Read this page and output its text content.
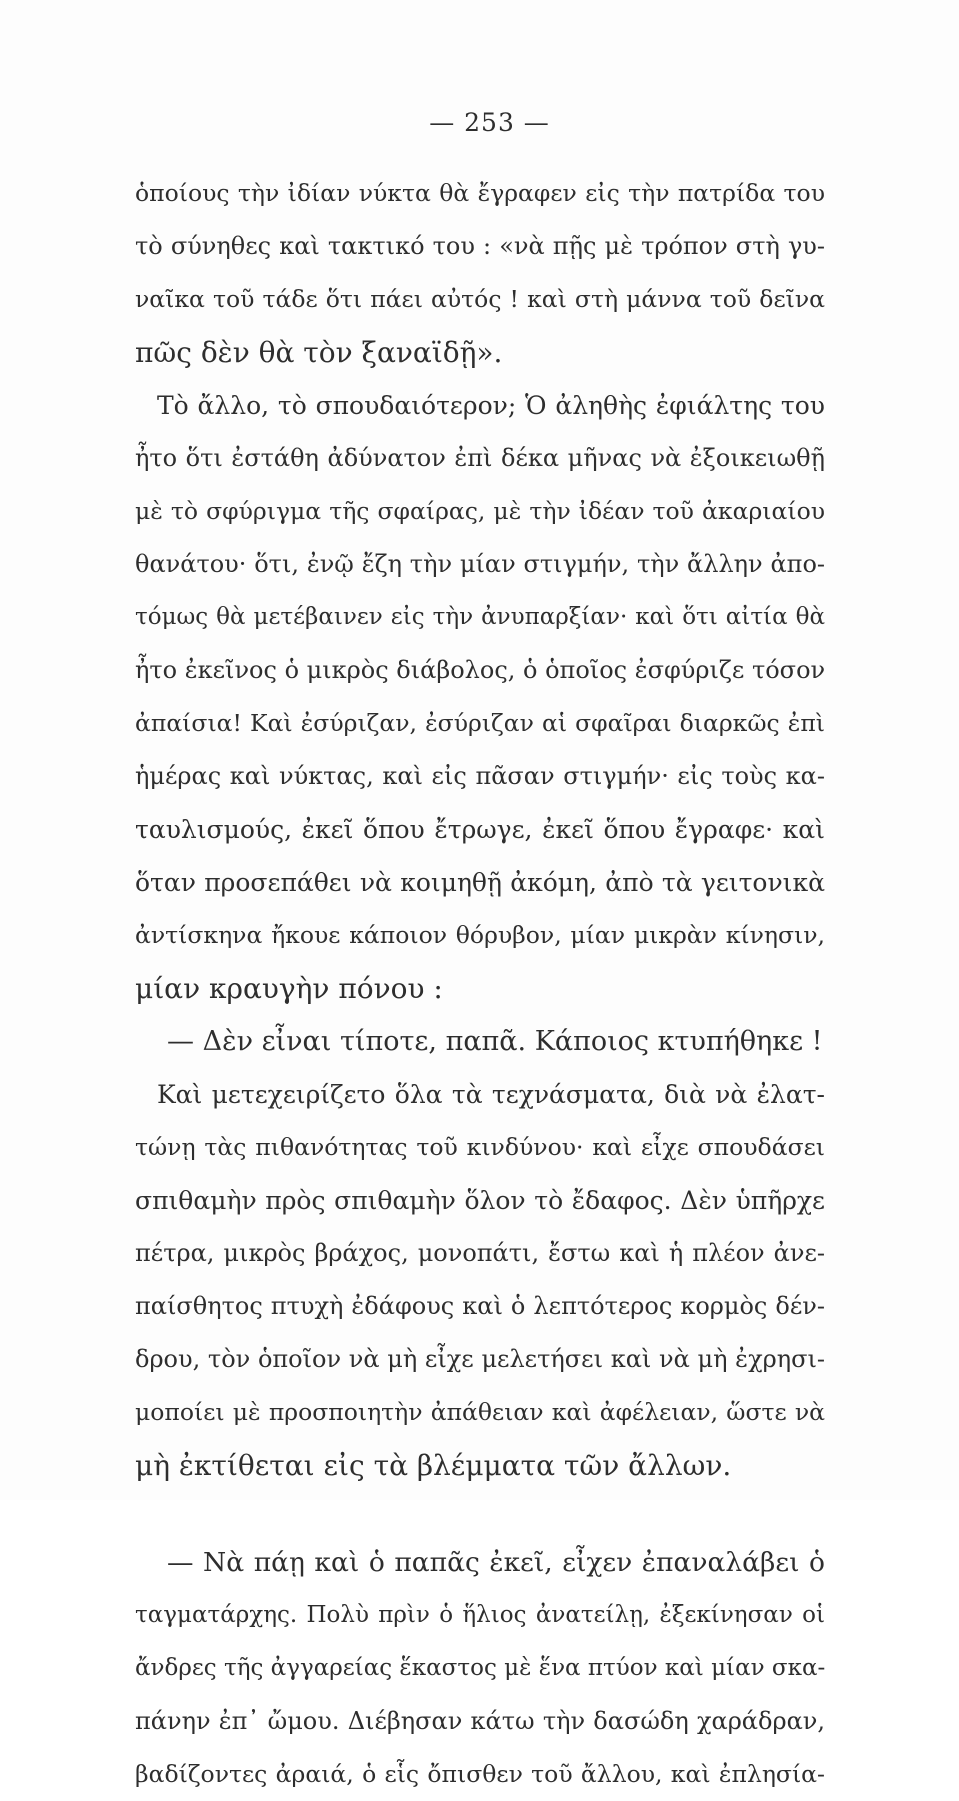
— 253 —
ὁποίους τὴν ἰδίαν νύκτα θὰ ἔγραφεν εἰς τὴν πατρίδα του
τὸ σύνηθες καὶ τακτικό του : «νὰ πῇς μὲ τρόπον στὴ γυ-
ναῖκα τοῦ τάδε ὅτι πάει αὐτός ! καὶ στὴ μάννα τοῦ δεῖνα
πῶς δὲν θὰ τὸν ξαναϊδῇ».
Τὸ ἄλλο, τὸ σπουδαιότερον; Ὁ ἀληθὴς ἐφιάλτης του
ἦτο ὅτι ἐστάθη ἀδύνατον ἐπὶ δέκα μῆνας νὰ ἐξοικειωθῇ
μὲ τὸ σφύριγμα τῆς σφαίρας, μὲ τὴν ἰδέαν τοῦ ἀκαριαίου
θανάτου· ὅτι, ἐνῷ ἔζη τὴν μίαν στιγμήν, τὴν ἄλλην ἀπο-
τόμως θὰ μετέβαινεν εἰς τὴν ἀνυπαρξίαν· καὶ ὅτι αἰτία θὰ
ἦτο ἐκεῖνος ὁ μικρὸς διάβολος, ὁ ὁποῖος ἐσφύριζε τόσον
ἀπαίσια! Καὶ ἐσύριζαν, ἐσύριζαν αἱ σφαῖραι διαρκῶς ἐπὶ
ἡμέρας καὶ νύκτας, καὶ εἰς πᾶσαν στιγμήν· εἰς τοὺς κα-
ταυλισμούς, ἐκεῖ ὅπου ἔτρωγε, ἐκεῖ ὅπου ἔγραφε· καὶ
ὅταν προσεπάθει νὰ κοιμηθῇ ἀκόμη, ἀπὸ τὰ γειτονικὰ
ἀντίσκηνα ἤκουε κάποιον θόρυβον, μίαν μικρὰν κίνησιν,
μίαν κραυγὴν πόνου :
— Δὲν εἶναι τίποτε, παπᾶ. Κάποιος κτυπήθηκε !
Καὶ μετεχειρίζετο ὅλα τὰ τεχνάσματα, διὰ νὰ ἐλατ-
τώνῃ τὰς πιθανότητας τοῦ κινδύνου· καὶ εἶχε σπουδάσει
σπιθαμὴν πρὸς σπιθαμὴν ὅλον τὸ ἔδαφος. Δὲν ὑπῆρχε
πέτρα, μικρὸς βράχος, μονοπάτι, ἔστω καὶ ἡ πλέον ἀνε-
παίσθητος πτυχὴ ἐδάφους καὶ ὁ λεπτότερος κορμὸς δέν-
δρου, τὸν ὁποῖον νὰ μὴ εἶχε μελετήσει καὶ νὰ μὴ ἐχρησι-
μοποίει μὲ προσποιητὴν ἀπάθειαν καὶ ἀφέλειαν, ὥστε νὰ
μὴ ἐκτίθεται εἰς τὰ βλέμματα τῶν ἄλλων.
— Νὰ πάῃ καὶ ὁ παπᾶς ἐκεῖ, εἶχεν ἐπαναλάβει ὁ
ταγματάρχης. Πολὺ πρὶν ὁ ἥλιος ἀνατείλῃ, ἐξεκίνησαν οἱ
ἄνδρες τῆς ἀγγαρείας ἕκαστος μὲ ἕνα πτύον καὶ μίαν σκα-
πάνην ἐπ᾿ ὤμου. Διέβησαν κάτω τὴν δασώδη χαράδραν,
βαδίζοντες ἀραιά, ὁ εἷς ὄπισθεν τοῦ ἄλλου, καὶ ἐπλησία-
